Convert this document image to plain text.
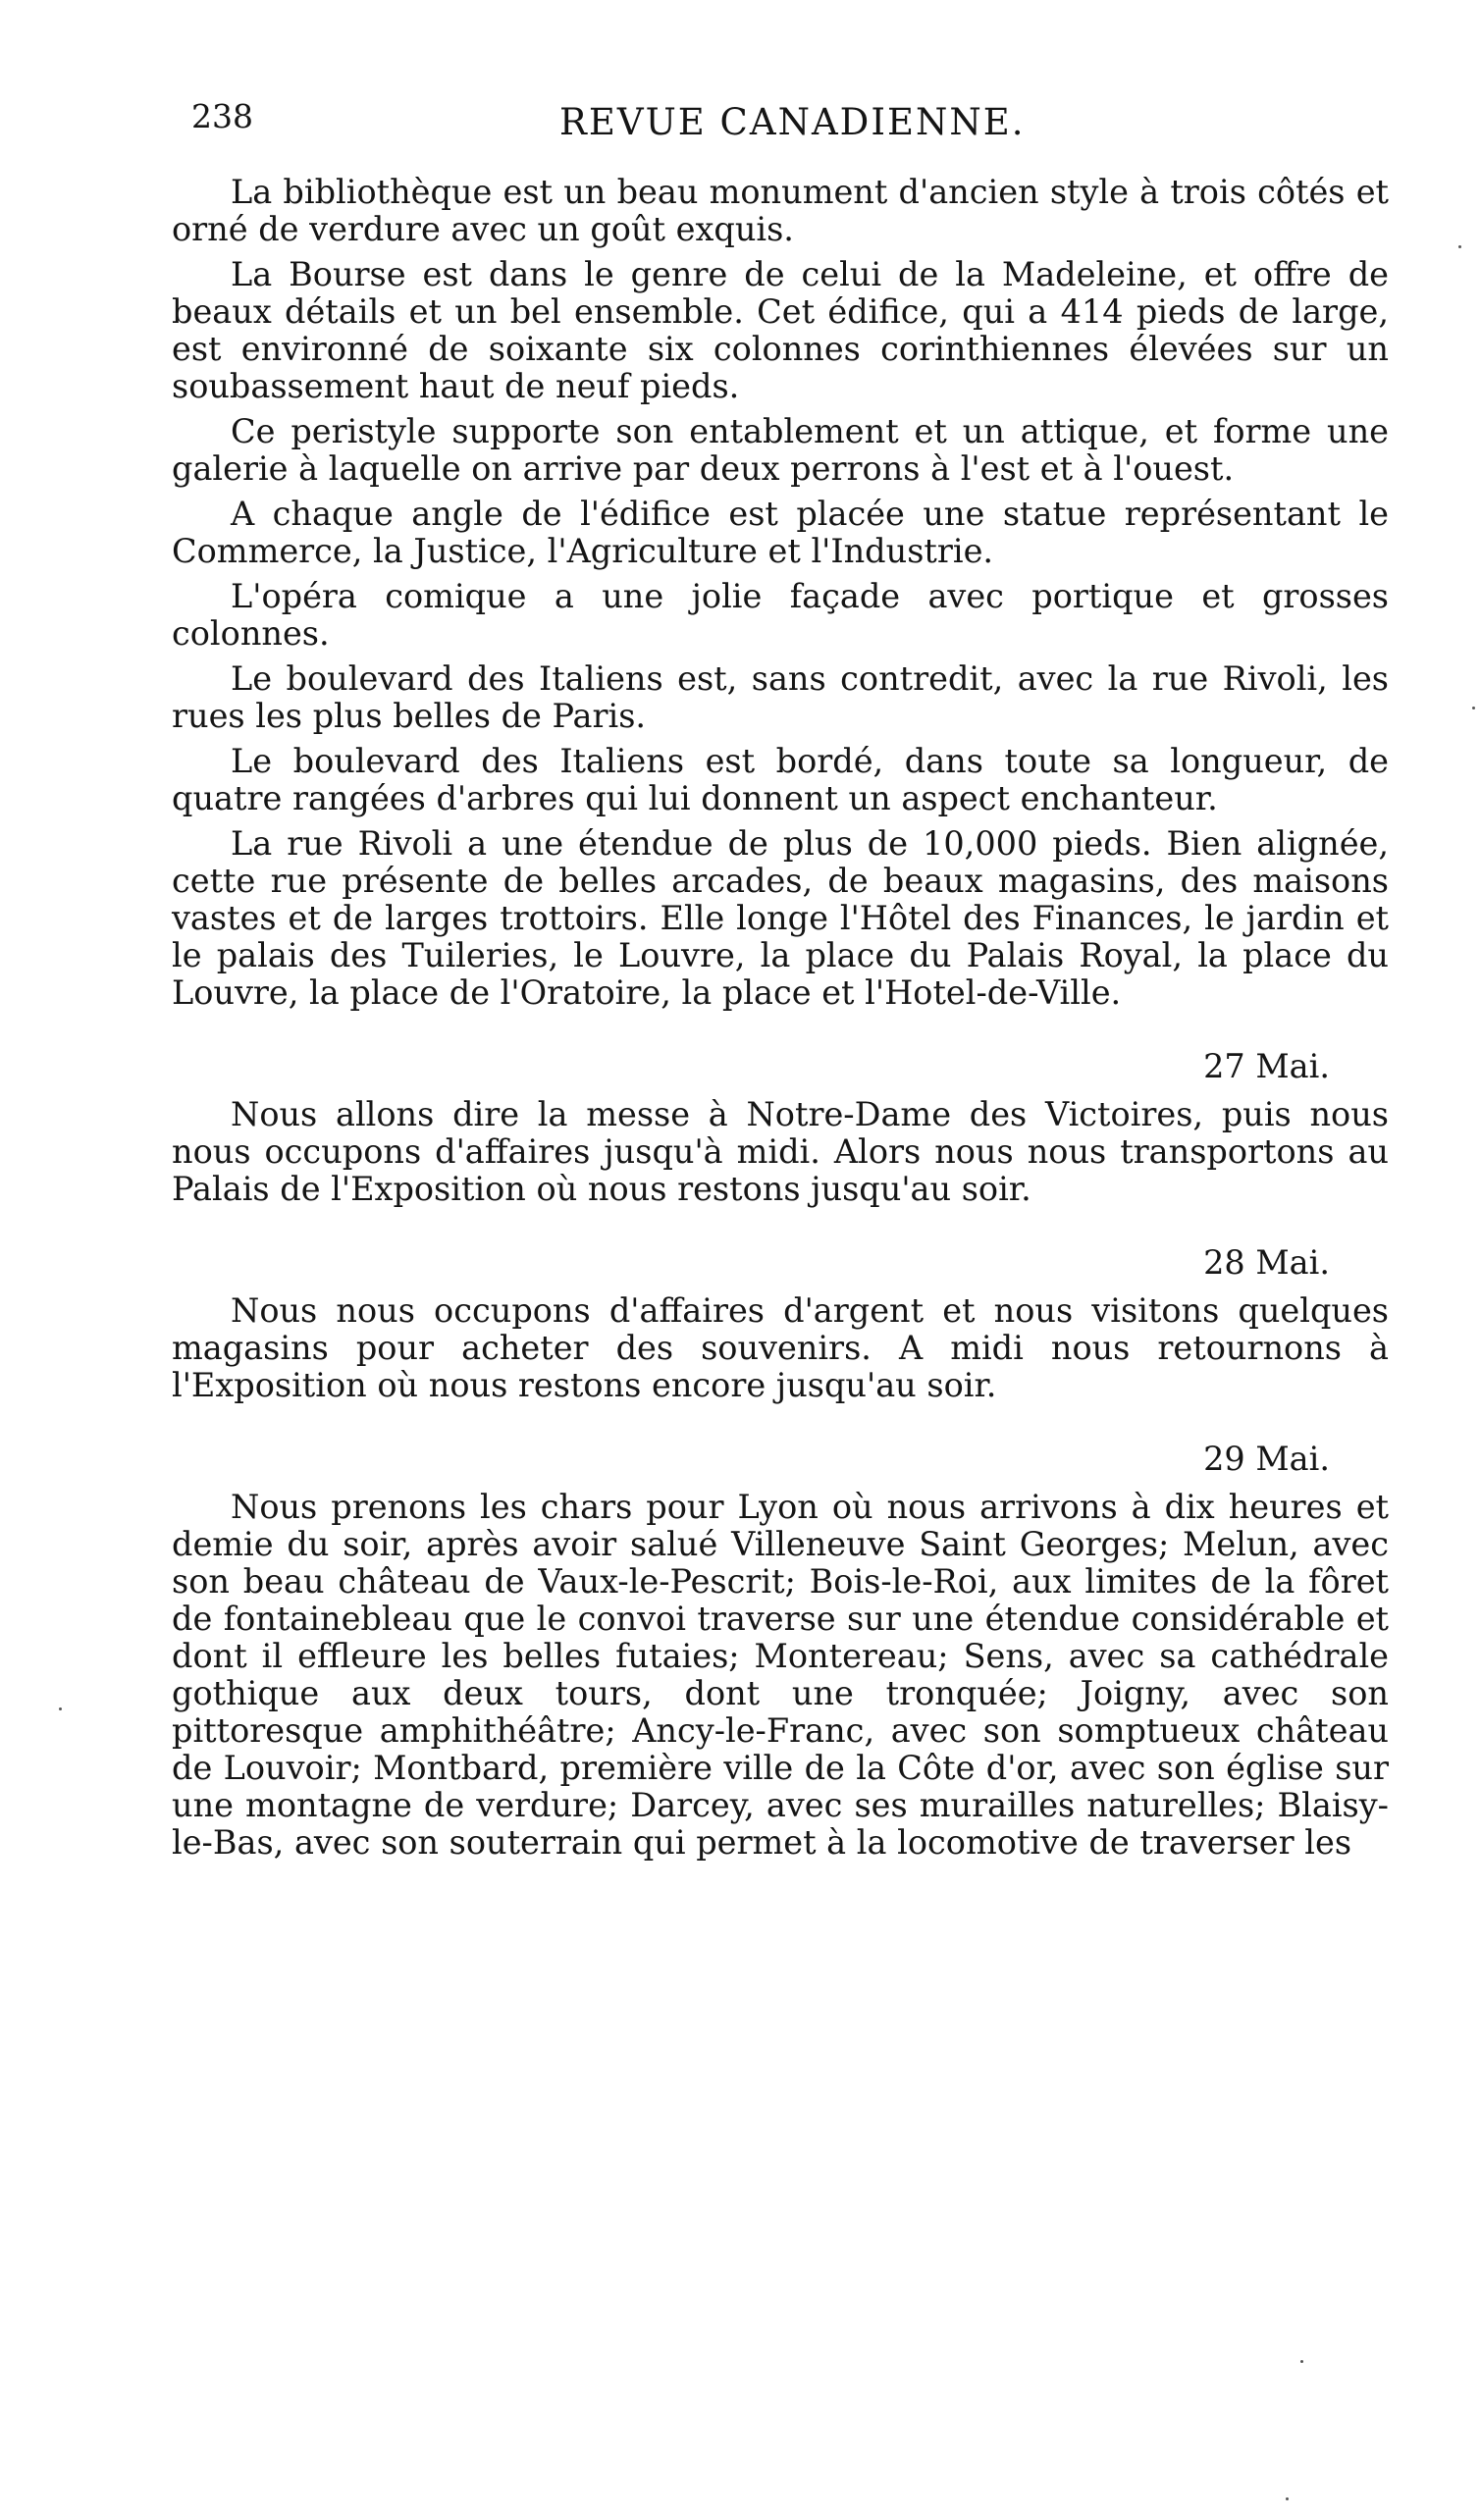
238	REVUE CANADIENNE.

La bibliothèque est un beau monument d'ancien style à trois côtés et orné de verdure avec un goût exquis.

La Bourse est dans le genre de celui de la Madeleine, et offre de beaux détails et un bel ensemble. Cet édifice, qui a 414 pieds de large, est environné de soixante six colonnes corinthiennes élevées sur un soubassement haut de neuf pieds.

Ce peristyle supporte son entablement et un attique, et forme une galerie à laquelle on arrive par deux perrons à l'est et à l'ouest.

A chaque angle de l'édifice est placée une statue représentant le Commerce, la Justice, l'Agriculture et l'Industrie.

L'opéra comique a une jolie façade avec portique et grosses colonnes.

Le boulevard des Italiens est, sans contredit, avec la rue Rivoli, les rues les plus belles de Paris.

Le boulevard des Italiens est bordé, dans toute sa longueur, de quatre rangées d'arbres qui lui donnent un aspect enchanteur.

La rue Rivoli a une étendue de plus de 10,000 pieds. Bien alignée, cette rue présente de belles arcades, de beaux magasins, des maisons vastes et de larges trottoirs. Elle longe l'Hôtel des Finances, le jardin et le palais des Tuileries, le Louvre, la place du Palais Royal, la place du Louvre, la place de l'Oratoire, la place et l'Hotel-de-Ville.

27 Mai.

Nous allons dire la messe à Notre-Dame des Victoires, puis nous nous occupons d'affaires jusqu'à midi. Alors nous nous transportons au Palais de l'Exposition où nous restons jusqu'au soir.

28 Mai.

Nous nous occupons d'affaires d'argent et nous visitons quelques magasins pour acheter des souvenirs. A midi nous retournons à l'Exposition où nous restons encore jusqu'au soir.

29 Mai.

Nous prenons les chars pour Lyon où nous arrivons à dix heures et demie du soir, après avoir salué Villeneuve Saint Georges; Melun, avec son beau château de Vaux-le-Pescrit; Bois-le-Roi, aux limites de la fôret de fontainebleau que le convoi traverse sur une étendue considérable et dont il effleure les belles futaies; Montereau; Sens, avec sa cathédrale gothique aux deux tours, dont une tronquée; Joigny, avec son pittoresque amphithéâtre; Ancy-le-Franc, avec son somptueux château de Louvoir; Montbard, première ville de la Côte d'or, avec son église sur une montagne de verdure; Darcey, avec ses murailles naturelles; Blaisy-le-Bas, avec son souterrain qui permet à la locomotive de traverser les
